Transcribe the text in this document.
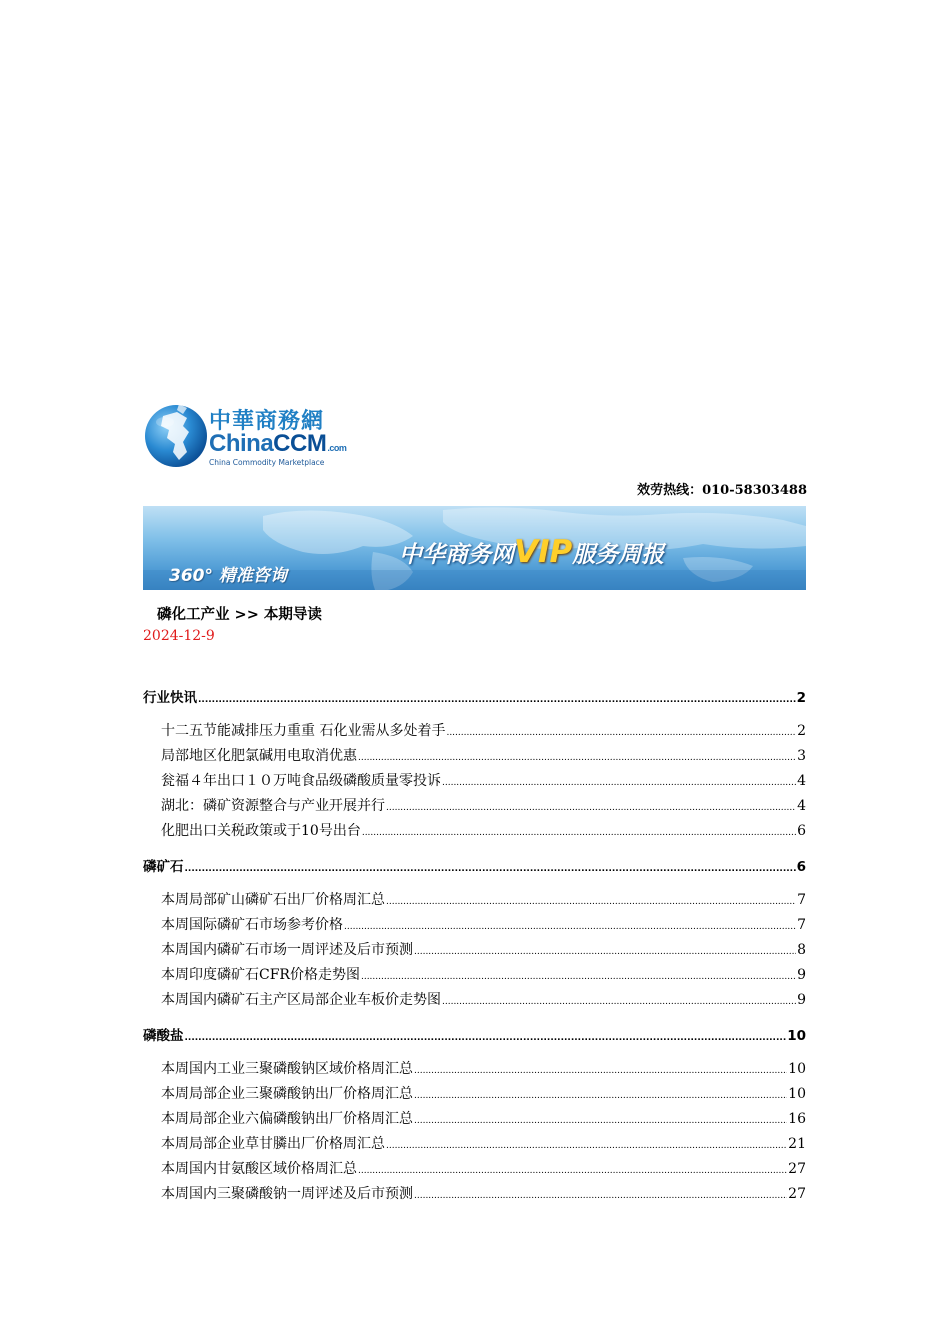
中華商務網
ChinaCCM.com
China Commodity Marketplace
效劳热线：010-58303488
360° 精准咨询
中华商务网VIP服务周报
磷化工产业 >> 本期导读
2024-12-9
行业快讯 .....	2
十二五节能减排压力重重 石化业需从多处着手 .....	2
局部地区化肥氯碱用电取消优惠 .....	3
瓮福４年出口１０万吨食品级磷酸质量零投诉 .....	4
湖北：磷矿资源整合与产业开展并行 .....	4
化肥出口关税政策或于10号出台 .....	6
磷矿石 .....	6
本周局部矿山磷矿石出厂价格周汇总 .....	7
本周国际磷矿石市场参考价格 .....	7
本周国内磷矿石市场一周评述及后市预测 .....	8
本周印度磷矿石CFR价格走势图 .....	9
本周国内磷矿石主产区局部企业车板价走势图 .....	9
磷酸盐 .....	10
本周国内工业三聚磷酸钠区域价格周汇总 .....	10
本周局部企业三聚磷酸钠出厂价格周汇总 .....	10
本周局部企业六偏磷酸钠出厂价格周汇总 .....	16
本周局部企业草甘膦出厂价格周汇总 .....	21
本周国内甘氨酸区域价格周汇总 .....	27
本周国内三聚磷酸钠一周评述及后市预测 .....	27
